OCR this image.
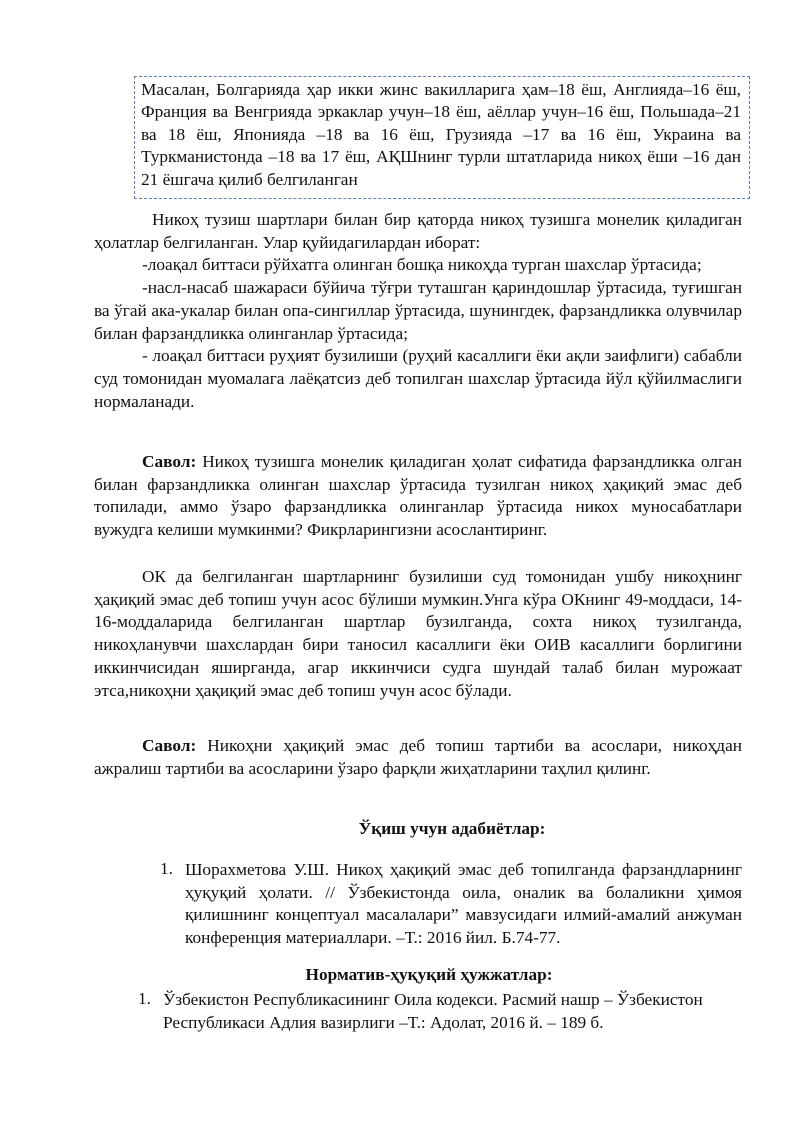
Масалан, Болгарияда ҳар икки жинс вакилларига ҳам–18 ёш, Англияда–16 ёш, Франция ва Венгрияда эркаклар учун–18 ёш, аёллар учун–16 ёш, Польшада–21 ва 18 ёш, Японияда –18 ва 16 ёш, Грузияда –17 ва 16 ёш, Украина ва Туркманистонда –18 ва 17 ёш, АҚШнинг турли штатларида никоҳ ёши –16 дан 21 ёшгача қилиб белгиланган
Никоҳ тузиш шартлари билан бир қаторда никоҳ тузишга монелик қиладиган ҳолатлар белгиланган. Улар қуйидагилардан иборат:
-лоақал биттаси рўйхатга олинган бошқа никоҳда турган шахслар ўртасида;
-насл-насаб шажараси бўйича тўғри туташган қариндошлар ўртасида, туғишган ва ўгай ака-укалар билан опа-сингиллар ўртасида, шунингдек, фарзандликка олувчилар билан фарзандликка олинганлар ўртасида;
- лоақал биттаси руҳият бузилиши (руҳий касаллиги ёки ақли заифлиги) сабабли суд томонидан муомалага лаёқатсиз деб топилган шахслар ўртасида йўл қўйилмаслиги нормаланади.
Савол: Никоҳ тузишга монелик қиладиган ҳолат сифатида фарзандликка олган билан фарзандликка олинган шахслар ўртасида тузилган никоҳ ҳақиқий эмас деб топилади, аммо ўзаро фарзандликка олинганлар ўртасида никох муносабатлари вужудга келиши мумкинми? Фикрларингизни асослантиринг.
ОК да белгиланган шартларнинг бузилиши суд томонидан ушбу никоҳнинг ҳақиқий эмас деб топиш учун асос бўлиши мумкин.Унга кўра ОКнинг 49-моддаси, 14-16-моддаларида белгиланган шартлар бузилганда, сохта никоҳ тузилганда, никоҳланувчи шахслардан бири таносил касаллиги ёки ОИВ касаллиги борлигини иккинчисидан яширганда, агар иккинчиси судга шундай талаб билан мурожаат этса,никоҳни ҳақиқий эмас деб топиш учун асос бўлади.
Савол: Никоҳни ҳақиқий эмас деб топиш тартиби ва асослари, никоҳдан ажралиш тартиби ва асосларини ўзаро фарқли жиҳатларини таҳлил қилинг.
Ўқиш учун адабиётлар:
1. Шорахметова У.Ш. Никоҳ ҳақиқий эмас деб топилганда фарзандларнинг ҳуқуқий ҳолати. // Ўзбекистонда оила, оналик ва болаликни ҳимоя қилишнинг концептуал масалалари” мавзусидаги илмий-амалий анжуман конференция материаллари. –Т.: 2016 йил. Б.74-77.
Норматив-ҳуқуқий ҳужжатлар:
1. Ўзбекистон Республикасининг Оила кодекси. Расмий нашр – Ўзбекистон Республикаси Адлия вазирлиги –Т.: Адолат, 2016 й. – 189 б.
